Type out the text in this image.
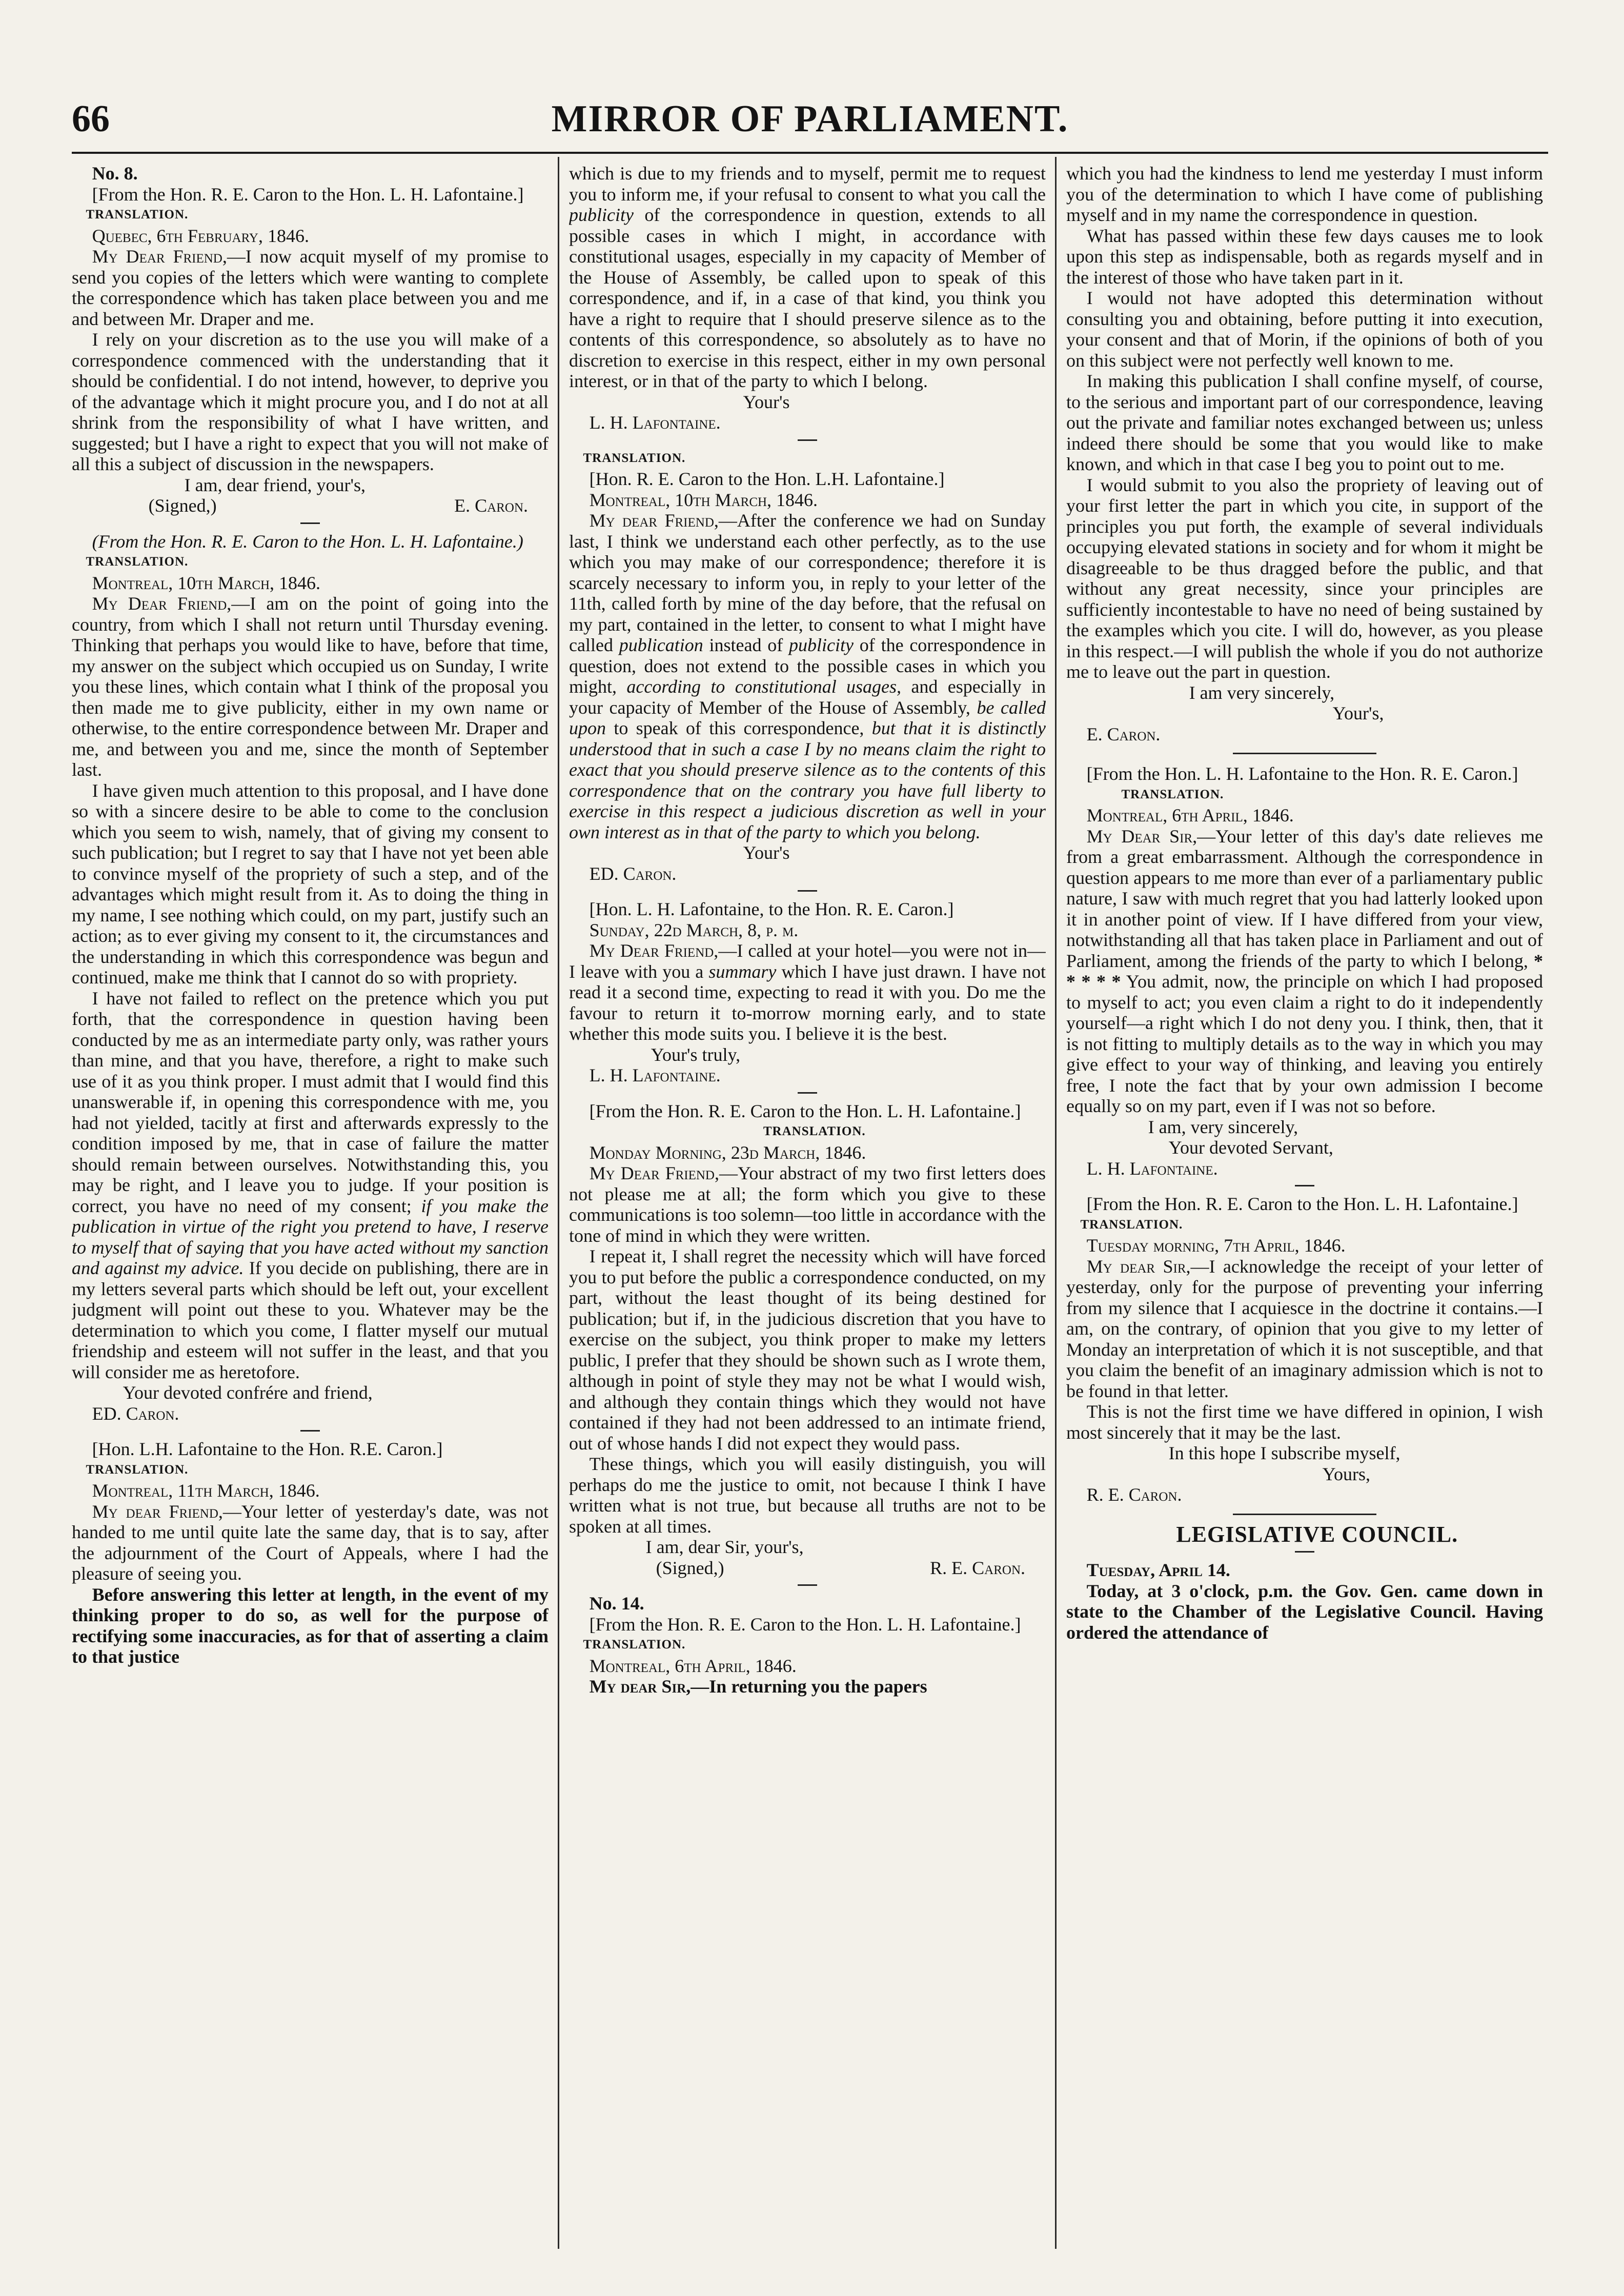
66	MIRROR OF PARLIAMENT.

No. 8.

[From the Hon. R. E. Caron to the Hon. L. H. Lafontaine.]

TRANSLATION.

Quebec, 6th February, 1846.

My Dear Friend,—I now acquit myself of my promise to send you copies of the letters which were wanting to complete the correspondence which has taken place between you and me and between Mr. Draper and me.

I rely on your discretion as to the use you will make of a correspondence commenced with the understanding that it should be confidential. I do not intend, however, to deprive you of the advantage which it might procure you, and I do not at all shrink from the responsibility of what I have written, and suggested; but I have a right to expect that you will not make of all this a subject of discussion in the newspapers.

I am, dear friend, your's,

(Signed,)	E. Caron.

(From the Hon. R. E. Caron to the Hon. L. H. Lafontaine.)

TRANSLATION.

Montreal, 10th March, 1846.

My Dear Friend,—I am on the point of going into the country, from which I shall not return until Thursday evening. Thinking that perhaps you would like to have, before that time, my answer on the subject which occupied us on Sunday, I write you these lines, which contain what I think of the proposal you then made me to give publicity, either in my own name or otherwise, to the entire correspondence between Mr. Draper and me, and between you and me, since the month of September last.

I have given much attention to this proposal, and I have done so with a sincere desire to be able to come to the conclusion which you seem to wish, namely, that of giving my consent to such publication; but I regret to say that I have not yet been able to convince myself of the propriety of such a step, and of the advantages which might result from it. As to doing the thing in my name, I see nothing which could, on my part, justify such an action; as to ever giving my consent to it, the circumstances and the understanding in which this correspondence was begun and continued, make me think that I cannot do so with propriety.

I have not failed to reflect on the pretence which you put forth, that the correspondence in question having been conducted by me as an intermediate party only, was rather yours than mine, and that you have, therefore, a right to make such use of it as you think proper. I must admit that I would find this unanswerable if, in opening this correspondence with me, you had not yielded, tacitly at first and afterwards expressly to the condition imposed by me, that in case of failure the matter should remain between ourselves. Notwithstanding this, you may be right, and I leave you to judge. If your position is correct, you have no need of my consent; if you make the publication in virtue of the right you pretend to have, I reserve to myself that of saying that you have acted without my sanction and against my advice. If you decide on publishing, there are in my letters several parts which should be left out, your excellent judgment will point out these to you. Whatever may be the determination to which you come, I flatter myself our mutual friendship and esteem will not suffer in the least, and that you will consider me as heretofore.

Your devoted confrére and friend,

ED. Caron.

[Hon. L.H. Lafontaine to the Hon. R.E. Caron.]

TRANSLATION.

Montreal, 11th March, 1846.

My dear Friend,—Your letter of yesterday's date, was not handed to me until quite late the same day, that is to say, after the adjournment of the Court of Appeals, where I had the pleasure of seeing you.

Before answering this letter at length, in the event of my thinking proper to do so, as well for the purpose of rectifying some inaccuracies, as for that of asserting a claim to that justice

which is due to my friends and to myself, permit me to request you to inform me, if your refusal to consent to what you call the publicity of the correspondence in question, extends to all possible cases in which I might, in accordance with constitutional usages, especially in my capacity of Member of the House of Assembly, be called upon to speak of this correspondence, and if, in a case of that kind, you think you have a right to require that I should preserve silence as to the contents of this correspondence, so absolutely as to have no discretion to exercise in this respect, either in my own personal interest, or in that of the party to which I belong.

Your's

L. H. Lafontaine.

TRANSLATION.

[Hon. R. E. Caron to the Hon. L.H. Lafontaine.]

Montreal, 10th March, 1846.

My dear Friend,—After the conference we had on Sunday last, I think we understand each other perfectly, as to the use which you may make of our correspondence; therefore it is scarcely necessary to inform you, in reply to your letter of the 11th, called forth by mine of the day before, that the refusal on my part, contained in the letter, to consent to what I might have called publication instead of publicity of the correspondence in question, does not extend to the possible cases in which you might, according to constitutional usages, and especially in your capacity of Member of the House of Assembly, be called upon to speak of this correspondence, but that it is distinctly understood that in such a case I by no means claim the right to exact that you should preserve silence as to the contents of this correspondence that on the contrary you have full liberty to exercise in this respect a judicious discretion as well in your own interest as in that of the party to which you belong.

Your's

ED. Caron.

[Hon. L. H. Lafontaine, to the Hon. R. E. Caron.]

Sunday, 22d March, 8, p. m.

My Dear Friend,—I called at your hotel—you were not in—I leave with you a summary which I have just drawn. I have not read it a second time, expecting to read it with you. Do me the favour to return it to-morrow morning early, and to state whether this mode suits you. I believe it is the best.

Your's truly,

L. H. Lafontaine.

[From the Hon. R. E. Caron to the Hon. L. H. Lafontaine.]

TRANSLATION.

Monday Morning, 23d March, 1846.

My Dear Friend,—Your abstract of my two first letters does not please me at all; the form which you give to these communications is too solemn—too little in accordance with the tone of mind in which they were written.

I repeat it, I shall regret the necessity which will have forced you to put before the public a correspondence conducted, on my part, without the least thought of its being destined for publication; but if, in the judicious discretion that you have to exercise on the subject, you think proper to make my letters public, I prefer that they should be shown such as I wrote them, although in point of style they may not be what I would wish, and although they contain things which they would not have contained if they had not been addressed to an intimate friend, out of whose hands I did not expect they would pass.

These things, which you will easily distinguish, you will perhaps do me the justice to omit, not because I think I have written what is not true, but because all truths are not to be spoken at all times.

I am, dear Sir, your's,

(Signed,)	R. E. Caron.

No. 14.

[From the Hon. R. E. Caron to the Hon. L. H. Lafontaine.]

TRANSLATION.

Montreal, 6th April, 1846.

My dear Sir,—In returning you the papers

which you had the kindness to lend me yesterday I must inform you of the determination to which I have come of publishing myself and in my name the correspondence in question.

What has passed within these few days causes me to look upon this step as indispensable, both as regards myself and in the interest of those who have taken part in it.

I would not have adopted this determination without consulting you and obtaining, before putting it into execution, your consent and that of Morin, if the opinions of both of you on this subject were not perfectly well known to me.

In making this publication I shall confine myself, of course, to the serious and important part of our correspondence, leaving out the private and familiar notes exchanged between us; unless indeed there should be some that you would like to make known, and which in that case I beg you to point out to me.

I would submit to you also the propriety of leaving out of your first letter the part in which you cite, in support of the principles you put forth, the example of several individuals occupying elevated stations in society and for whom it might be disagreeable to be thus dragged before the public, and that without any great necessity, since your principles are sufficiently incontestable to have no need of being sustained by the examples which you cite. I will do, however, as you please in this respect.—I will publish the whole if you do not authorize me to leave out the part in question.

I am very sincerely,

Your's,

E. Caron.

[From the Hon. L. H. Lafontaine to the Hon. R. E. Caron.]

TRANSLATION.

Montreal, 6th April, 1846.

My Dear Sir,—Your letter of this day's date relieves me from a great embarrassment. Although the correspondence in question appears to me more than ever of a parliamentary public nature, I saw with much regret that you had latterly looked upon it in another point of view. If I have differed from your view, notwithstanding all that has taken place in Parliament and out of Parliament, among the friends of the party to which I belong, * * * * * You admit, now, the principle on which I had proposed to myself to act; you even claim a right to do it independently yourself—a right which I do not deny you. I think, then, that it is not fitting to multiply details as to the way in which you may give effect to your way of thinking, and leaving you entirely free, I note the fact that by your own admission I become equally so on my part, even if I was not so before.

I am, very sincerely,

Your devoted Servant,

L. H. Lafontaine.

[From the Hon. R. E. Caron to the Hon. L. H. Lafontaine.]

TRANSLATION.

Tuesday morning, 7th April, 1846.

My dear Sir,—I acknowledge the receipt of your letter of yesterday, only for the purpose of preventing your inferring from my silence that I acquiesce in the doctrine it contains.—I am, on the contrary, of opinion that you give to my letter of Monday an interpretation of which it is not susceptible, and that you claim the benefit of an imaginary admission which is not to be found in that letter.

This is not the first time we have differed in opinion, I wish most sincerely that it may be the last.

In this hope I subscribe myself,

Yours,

R. E. Caron.

LEGISLATIVE COUNCIL.

Tuesday, April 14.

Today, at 3 o'clock, p.m. the Gov. Gen. came down in state to the Chamber of the Legislative Council. Having ordered the attendance of
